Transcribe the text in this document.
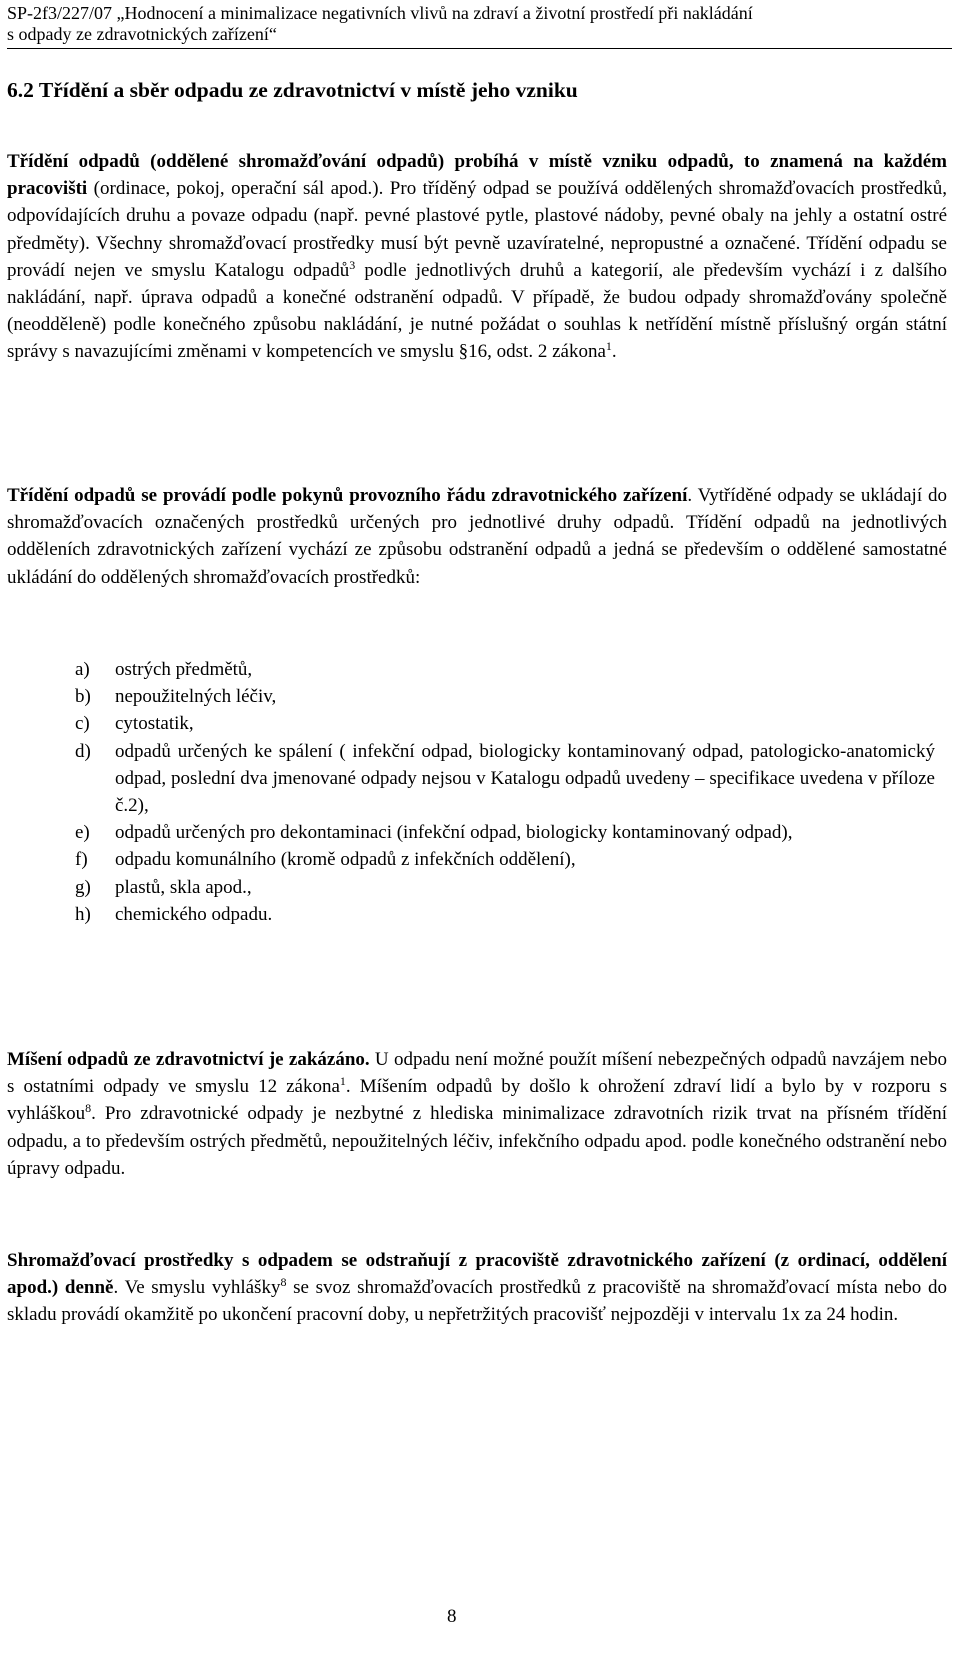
SP-2f3/227/07 „Hodnocení a minimalizace negativních vlivů na zdraví a životní prostředí při nakládání
s odpady ze zdravotnických zařízení“
6.2 Třídění a sběr odpadu ze zdravotnictví v místě jeho vzniku

Třídění odpadů (oddělené shromažďování odpadů) probíhá v místě vzniku odpadů, to znamená na každém pracovišti (ordinace, pokoj, operační sál apod.). Pro tříděný odpad se používá oddělených shromažďovacích prostředků, odpovídajících druhu a povaze odpadu (např. pevné plastové pytle, plastové nádoby, pevné obaly na jehly a ostatní ostré předměty). Všechny shromažďovací prostředky musí být pevně uzavíratelné, nepropustné a označené. Třídění odpadu se provádí nejen ve smyslu Katalogu odpadů$^3$ podle jednotlivých druhů a kategorií, ale především vychází i z dalšího nakládání, např. úprava odpadů a konečné odstranění odpadů. V případě, že budou odpady shromažďovány společně (neodděleně) podle konečného způsobu nakládání, je nutné požádat o souhlas k netřídění místně příslušný orgán státní správy s navazujícími změnami v kompetencích ve smyslu §16, odst. 2 zákona$^1$.

Třídění odpadů se provádí podle pokynů provozního řádu zdravotnického zařízení. Vytříděné odpady se ukládají do shromažďovacích označených prostředků určených pro jednotlivé druhy odpadů. Třídění odpadů na jednotlivých odděleních zdravotnických zařízení vychází ze způsobu odstranění odpadů a jedná se především o oddělené samostatné ukládání do oddělených shromažďovacích prostředků:

a) ostrých předmětů,
b) nepoužitelných léčiv,
c) cytostatik,
d) odpadů určených ke spálení ( infekční odpad, biologicky kontaminovaný odpad, patologicko-anatomický odpad, poslední dva jmenované odpady nejsou v Katalogu odpadů uvedeny – specifikace uvedena v příloze č.2),
e) odpadů určených pro dekontaminaci (infekční odpad, biologicky kontaminovaný odpad),
f) odpadu komunálního (kromě odpadů z infekčních oddělení),
g) plastů, skla apod.,
h) chemického odpadu.

Míšení odpadů ze zdravotnictví je zakázáno. U odpadu není možné použít míšení nebezpečných odpadů navzájem nebo s ostatními odpady ve smyslu 12 zákona$^1$. Míšením odpadů by došlo k ohrožení zdraví lidí a bylo by v rozporu s vyhláškou$^8$. Pro zdravotnické odpady je nezbytné z hlediska minimalizace zdravotních rizik trvat na přísném třídění odpadu, a to především ostrých předmětů, nepoužitelných léčiv, infekčního odpadu apod. podle konečného odstranění nebo úpravy odpadu.

Shromažďovací prostředky s odpadem se odstraňují z pracoviště zdravotnického zařízení (z ordinací, oddělení apod.) denně. Ve smyslu vyhlášky$^8$ se svoz shromažďovacích prostředků z pracoviště na shromažďovací místa nebo do skladu provádí okamžitě po ukončení pracovní doby, u nepřetržitých pracovišť nejpozději v intervalu 1x za 24 hodin.

8
